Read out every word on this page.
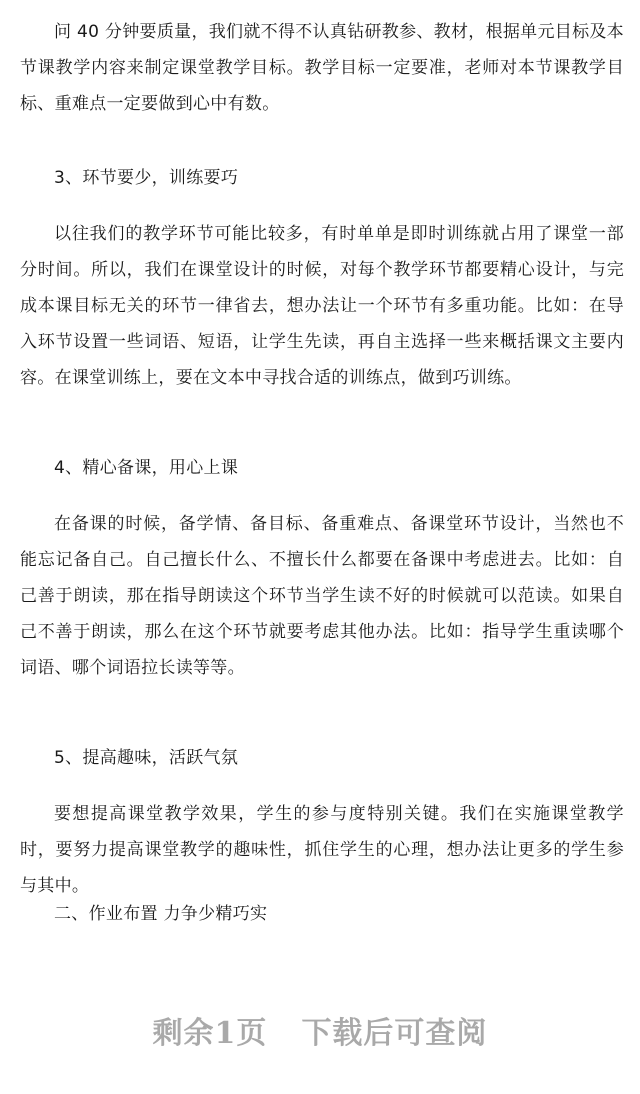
问 40 分钟要质量，我们就不得不认真钻研教参、教材，根据单元目标及本节课教学内容来制定课堂教学目标。教学目标一定要准，老师对本节课教学目标、重难点一定要做到心中有数。

3、环节要少，训练要巧

以往我们的教学环节可能比较多，有时单单是即时训练就占用了课堂一部分时间。所以，我们在课堂设计的时候，对每个教学环节都要精心设计，与完成本课目标无关的环节一律省去，想办法让一个环节有多重功能。比如：在导入环节设置一些词语、短语，让学生先读，再自主选择一些来概括课文主要内容。在课堂训练上，要在文本中寻找合适的训练点，做到巧训练。

4、精心备课，用心上课

在备课的时候，备学情、备目标、备重难点、备课堂环节设计，当然也不能忘记备自己。自己擅长什么、不擅长什么都要在备课中考虑进去。比如：自己善于朗读，那在指导朗读这个环节当学生读不好的时候就可以范读。如果自己不善于朗读，那么在这个环节就要考虑其他办法。比如：指导学生重读哪个词语、哪个词语拉长读等等。

5、提高趣味，活跃气氛

要想提高课堂教学效果，学生的参与度特别关键。我们在实施课堂教学时，要努力提高课堂教学的趣味性，抓住学生的心理，想办法让更多的学生参与其中。

二、作业布置 力争少精巧实

剩余1页 下载后可查阅
